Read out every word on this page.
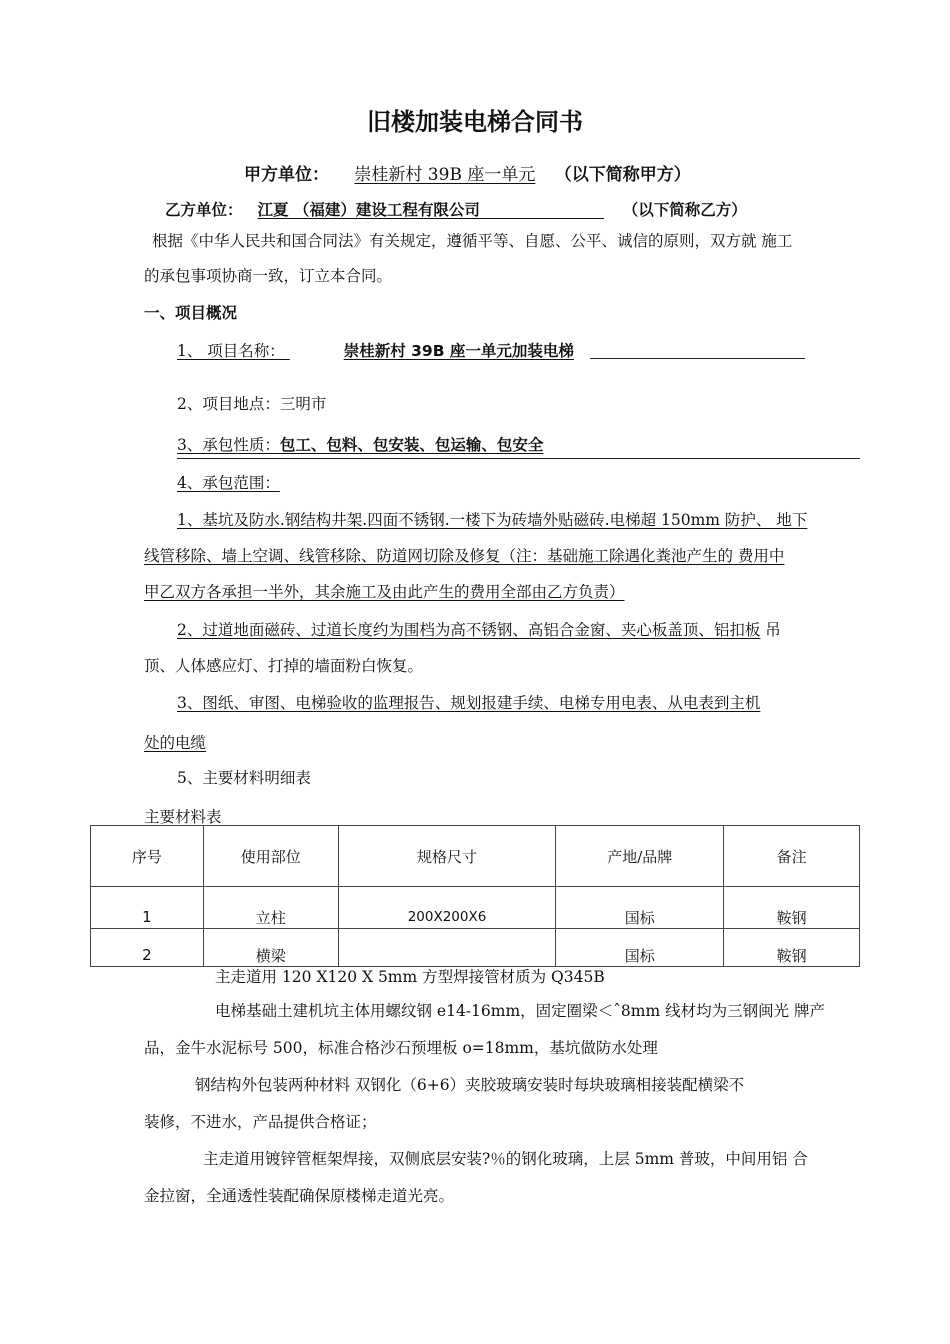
旧楼加装电梯合同书
甲方单位： 崇桂新村 39B 座一单元 （以下简称甲方）
乙方单位： 江夏 （福建）建设工程有限公司________________ （以下简称乙方）
根据《中华人民共和国合同法》有关规定，遵循平等、自愿、公平、诚信的原则，双方就 施工
的承包事项协商一致，订立本合同。
一、项目概况
1、 项目名称：	崇桂新村 39B 座一单元加装电梯
2、项目地点：三明市
3、承包性质：包工、包料、包安装、包运输、包安全
4、承包范围：
1、基坑及防水.钢结构井架.四面不锈钢.一楼下为砖墙外贴磁砖.电梯超 150mm 防护、 地下
线管移除、墙上空调、线管移除、防道网切除及修复（注：基础施工除遇化粪池产生的 费用中
甲乙双方各承担一半外，其余施工及由此产生的费用全部由乙方负责）
2、过道地面磁砖、过道长度约为围档为高不锈钢、高铝合金窗、夹心板盖顶、铝扣板 吊
顶、人体感应灯、打掉的墙面粉白恢复。
3、图纸、审图、电梯验收的监理报告、规划报建手续、电梯专用电表、从电表到主机
处的电缆
5、主要材料明细表
主要材料表
序号	使用部位	规格尺寸	产地/品牌	备注
1	立柱	200X200X6	国标	鞍钢
2	横梁		国标	鞍钢
主走道用 120 X120 X 5mm 方型焊接管材质为 Q345B
电梯基础土建机坑主体用螺纹钢 e14-16mm，固定圈梁＜ˆ8mm 线材均为三钢闽光 牌产
品，金牛水泥标号 500，标准合格沙石预埋板 o=18mm，基坑做防水处理
钢结构外包装两种材料 双钢化（6+6）夹胶玻璃安装时每块玻璃相接装配横梁不
装修，不进水，产品提供合格证；
主走道用镀锌管框架焊接，双侧底层安装?％的钢化玻璃，上层 5mm 普玻，中间用铝 合
金拉窗，全通透性装配确保原楼梯走道光亮。
